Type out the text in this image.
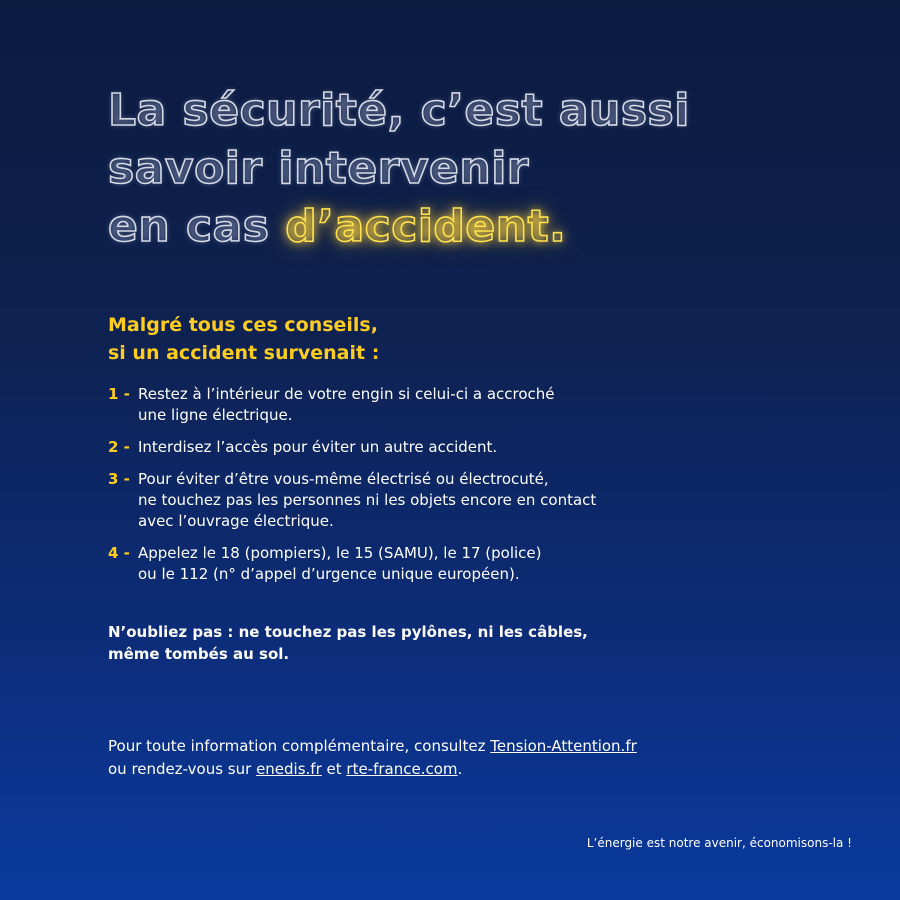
La sécurité, c’est aussi
savoir intervenir
en cas d’accident.
Malgré tous ces conseils,
si un accident survenait :
1 - Restez à l’intérieur de votre engin si celui-ci a accroché
une ligne électrique.
2 - Interdisez l’accès pour éviter un autre accident.
3 - Pour éviter d’être vous-même électrisé ou électrocuté,
ne touchez pas les personnes ni les objets encore en contact
avec l’ouvrage électrique.
4 - Appelez le 18 (pompiers), le 15 (SAMU), le 17 (police)
ou le 112 (n° d’appel d’urgence unique européen).
N’oubliez pas : ne touchez pas les pylônes, ni les câbles,
même tombés au sol.
Pour toute information complémentaire, consultez Tension-Attention.fr
ou rendez-vous sur enedis.fr et rte-france.com.
L’énergie est notre avenir, économisons-la !
